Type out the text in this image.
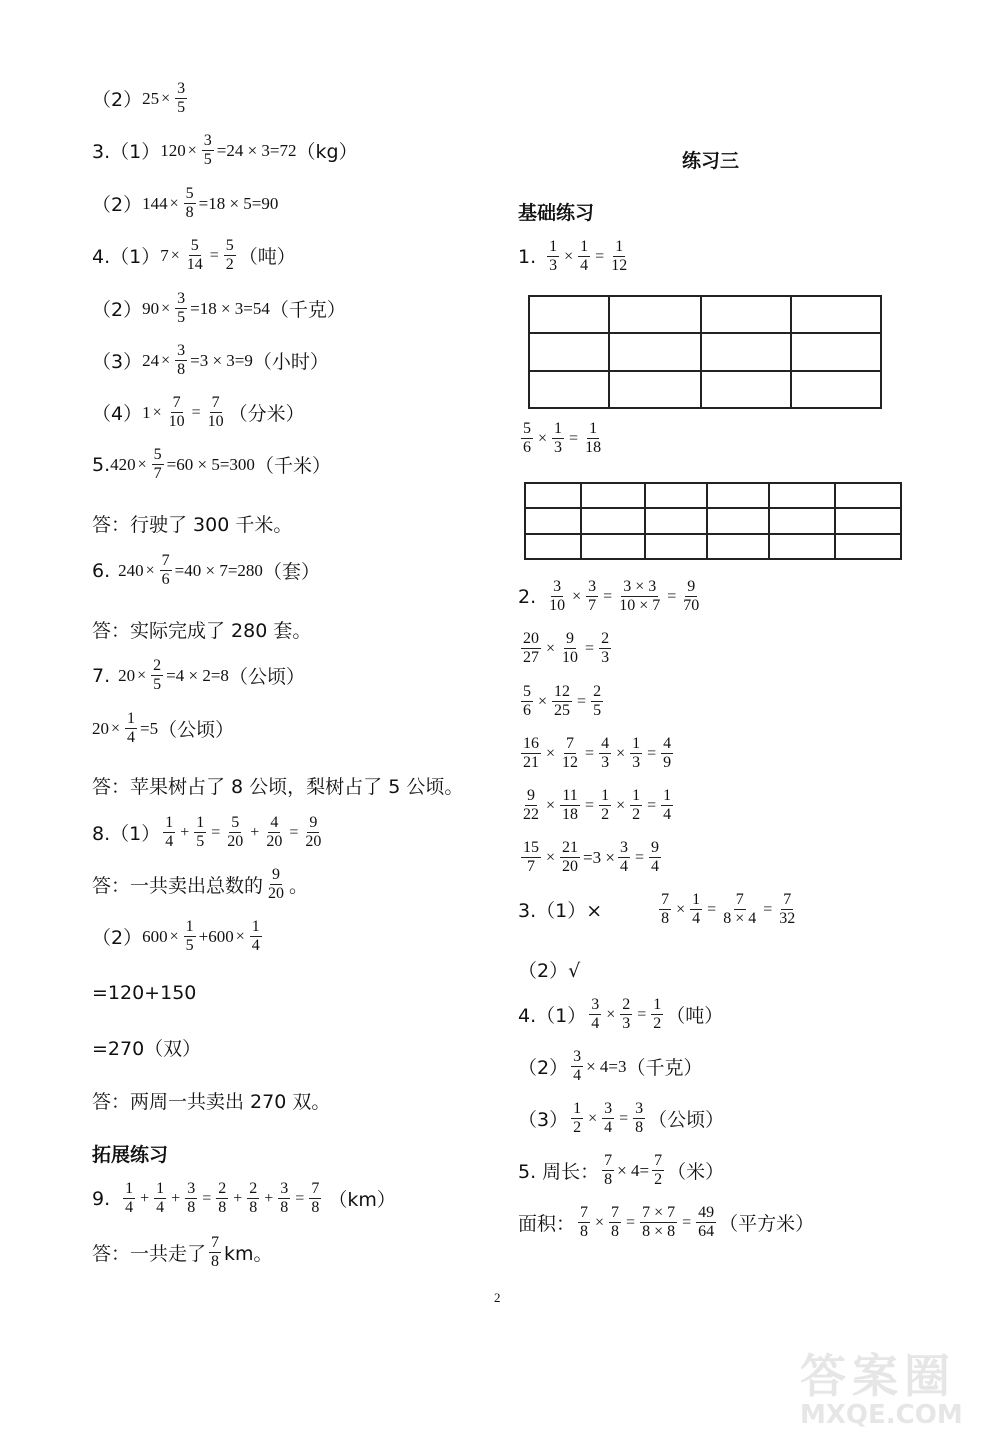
（2） $25 \times \frac{3}{5}$
3.（1） $120 \times \frac{3}{5} =24 \times 3=72$ （kg）
（2） $144 \times \frac{5}{8} =18 \times 5=90$
4.（1） $7 \times \frac{5}{14} = \frac{5}{2}$ （吨）
（2） $90 \times \frac{3}{5} =18 \times 3=54$ （千克）
（3） $24 \times \frac{3}{8} =3 \times 3=9$ （小时）
（4） $1 \times \frac{7}{10} = \frac{7}{10}$ （分米）
5. $420 \times \frac{5}{7} =60 \times 5=300$ （千米）
答：行驶了 300 千米。
6. $240 \times \frac{7}{6} =40 \times 7=280$ （套）
答：实际完成了 280 套。
7. $20 \times \frac{2}{5} =4 \times 2=8$ （公顷）
$20 \times \frac{1}{4} =5$ （公顷）
答：苹果树占了 8 公顷，梨树占了 5 公顷。
$8.(1) \frac{1}{4} + \frac{1}{5} = \frac{5}{20} + \frac{4}{20} = \frac{9}{20}$
答：一共卖出总数的 $\frac{9}{20}$ 。
（2） $600 \times \frac{1}{5} +600 \times \frac{1}{4}$
=120+150
=270（双）
答：两周一共卖出 270 双。
拓展练习
9. $\frac{1}{4} + \frac{1}{4} + \frac{3}{8} = \frac{2}{8} + \frac{2}{8} + \frac{3}{8} = \frac{7}{8} (km)$
答：一共走了 $\frac{7}{8}$ km。
练习三
基础练习
1. $\frac{1}{3} \times \frac{1}{4} = \frac{1}{12}$

$\frac{5}{6} \times \frac{1}{3} = \frac{1}{18}$

2. $\frac{3}{10} \times \frac{3}{7} = \frac{3 \times 3}{10 \times 7} = \frac{9}{70}$
$\frac{20}{27} \times \frac{9}{10} = \frac{2}{3}$
$\frac{5}{6} \times \frac{12}{25} = \frac{2}{5}$
$\frac{16}{21} \times \frac{7}{12} = \frac{4}{3} \times \frac{1}{3} = \frac{4}{9}$
$\frac{9}{22} \times \frac{11}{18} = \frac{1}{2} \times \frac{1}{2} = \frac{1}{4}$
$\frac{15}{7} \times \frac{21}{20} =3 \times \frac{3}{4} = \frac{9}{4}$
3.（1）×	$\frac{7}{8} \times \frac{1}{4} = \frac{7}{8 \times 4} = \frac{7}{32}$
（2）√
$4.(1) \frac{3}{4} \times \frac{2}{3} = \frac{1}{2}$ （吨）
$(2) \frac{3}{4} \times 4=3$ （千克）
$(3) \frac{1}{2} \times \frac{3}{4} = \frac{3}{8}$ （公顷）
5. 周长： $\frac{7}{8} \times 4= \frac{7}{2}$ （米）
面积： $\frac{7}{8} \times \frac{7}{8} = \frac{7 \times 7}{8 \times 8} = \frac{49}{64}$ （平方米）
2
答案圈
MXQE.COM
